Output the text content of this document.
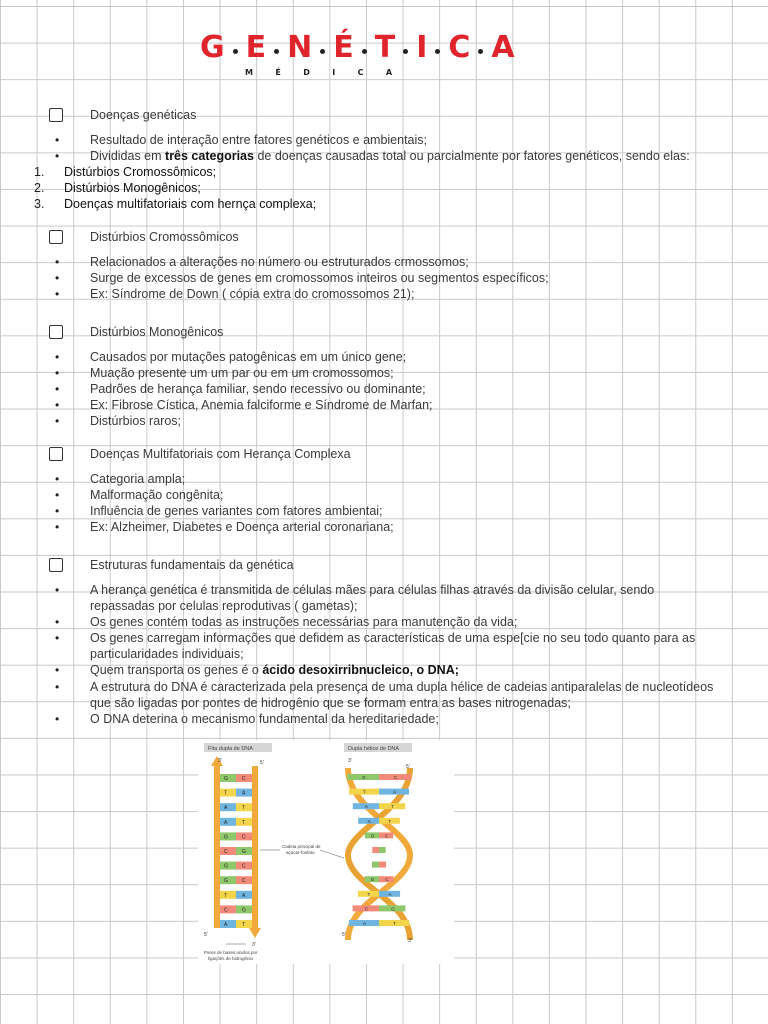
G E N É T I C A
MÉDICA
Doenças genéticas
• Resultado de interação entre fatores genéticos e ambientais;
• Divididas em três categorias de doenças causadas total ou parcialmente por fatores genéticos, sendo elas:
1. Distúrbios Cromossômicos;
2. Distúrbios Monogênicos;
3. Doenças multifatoriais com hernça complexa;
Distúrbios Cromossômicos
• Relacionados a alterações no número ou estruturados crmossomos;
• Surge de excessos de genes em cromossomos inteiros ou segmentos específicos;
• Ex: Síndrome de Down ( cópia extra do cromossomos 21);
Distúrbios Monogênicos
• Causados por mutações patogênicas em um único gene;
• Muação presente um um par ou em um cromossomos;
• Padrões de herança familiar, sendo recessivo ou dominante;
• Ex: Fibrose Cística, Anemia falciforme e Síndrome de Marfan;
• Distúrbios raros;
Doenças Multifatoriais com Herança Complexa
• Categoria ampla;
• Malformação congênita;
• Influência de genes variantes com fatores ambientai;
• Ex: Alzheimer, Diabetes e Doença arterial coronariana;
Estruturas fundamentais da genética
• A herança genética é transmitida de células mães para células filhas através da divisão celular, sendo
repassadas por celulas reprodutivas ( gametas);
• Os genes contém todas as instruções necessárias para manutenção da vida;
• Os genes carregam informações que defidem as características de uma espe[cie no seu todo quanto para as
particularidades individuais;
• Quem transporta os genes é o ácido desoxirribnucleico, o DNA;
• A estrutura do DNA é caracterizada pela presença de uma dupla hélice de cadeias antiparalelas de nucleotídeos
que são ligadas por pontes de hidrogênio que se formam entra as bases nitrogenadas;
• O DNA deterina o mecanismo fundamental da hereditariedade;
Fita dupla de DNA	Dupla hélice de DNA
3'	5'
5'
3'
G	C
T	A
A	T
A	T
G	C
C	G
G	C
G	C
T	A
C	G
A	T
G	C
T	A
A	T
A	T
G C
G C
T	A
C	G
A	T
3'
5'
5'
3'
Cadeia principal de
açúcar-fosfato
Pares de bases unidos por
ligações de hidrogênio
